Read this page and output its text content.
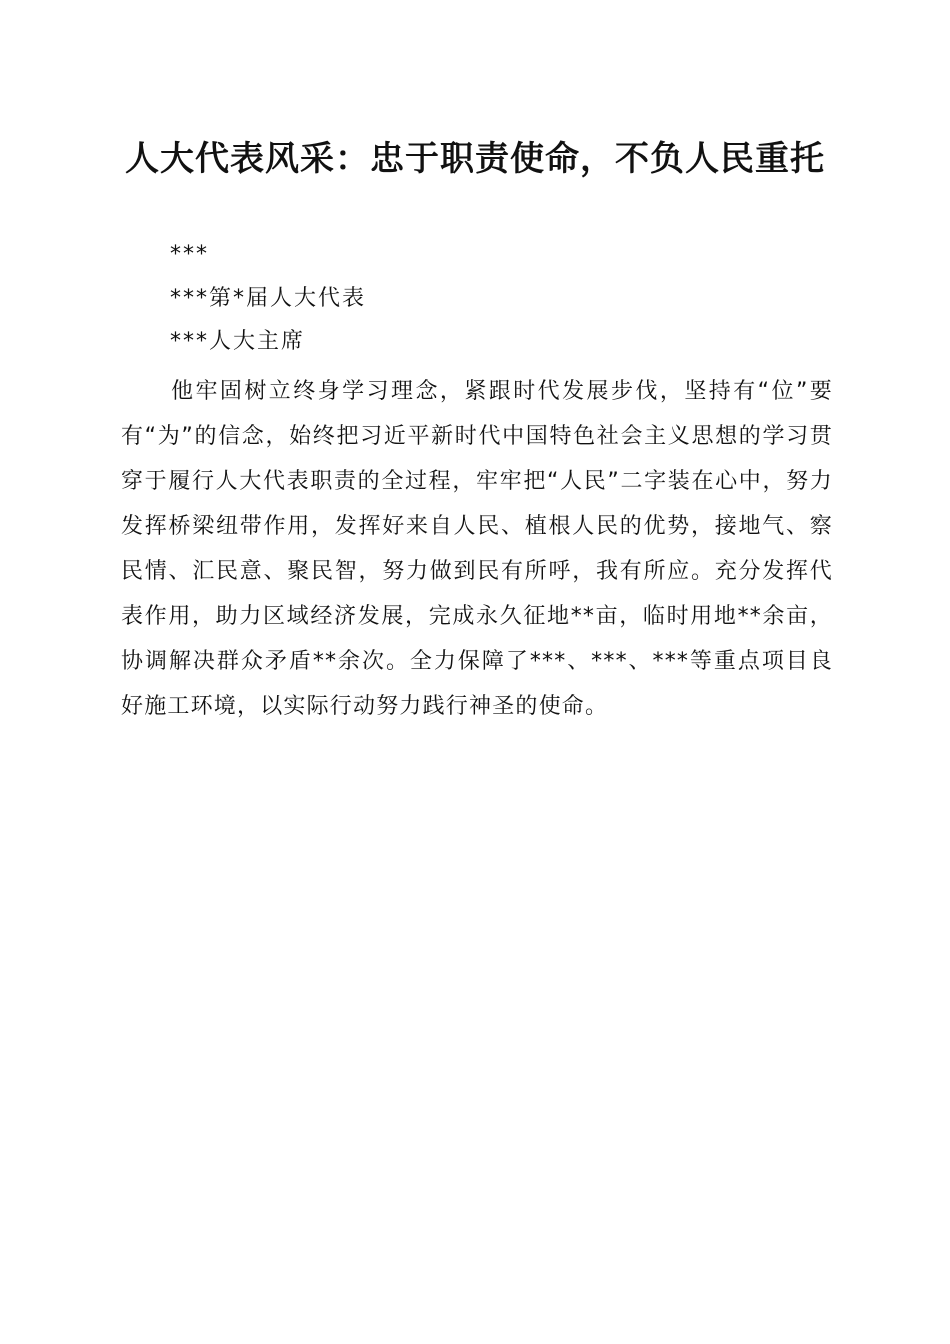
人大代表风采：忠于职责使命，不负人民重托
***
***第*届人大代表
***人大主席

他牢固树立终身学习理念，紧跟时代发展步伐，坚持有“位”要有“为”的信念，始终把习近平新时代中国特色社会主义思想的学习贯穿于履行人大代表职责的全过程，牢牢把“人民”二字装在心中，努力发挥桥梁纽带作用，发挥好来自人民、植根人民的优势，接地气、察民情、汇民意、聚民智，努力做到民有所呼，我有所应。充分发挥代表作用，助力区域经济发展，完成永久征地**亩，临时用地**余亩，协调解决群众矛盾**余次。全力保障了***、***、***等重点项目良好施工环境，以实际行动努力践行神圣的使命。
